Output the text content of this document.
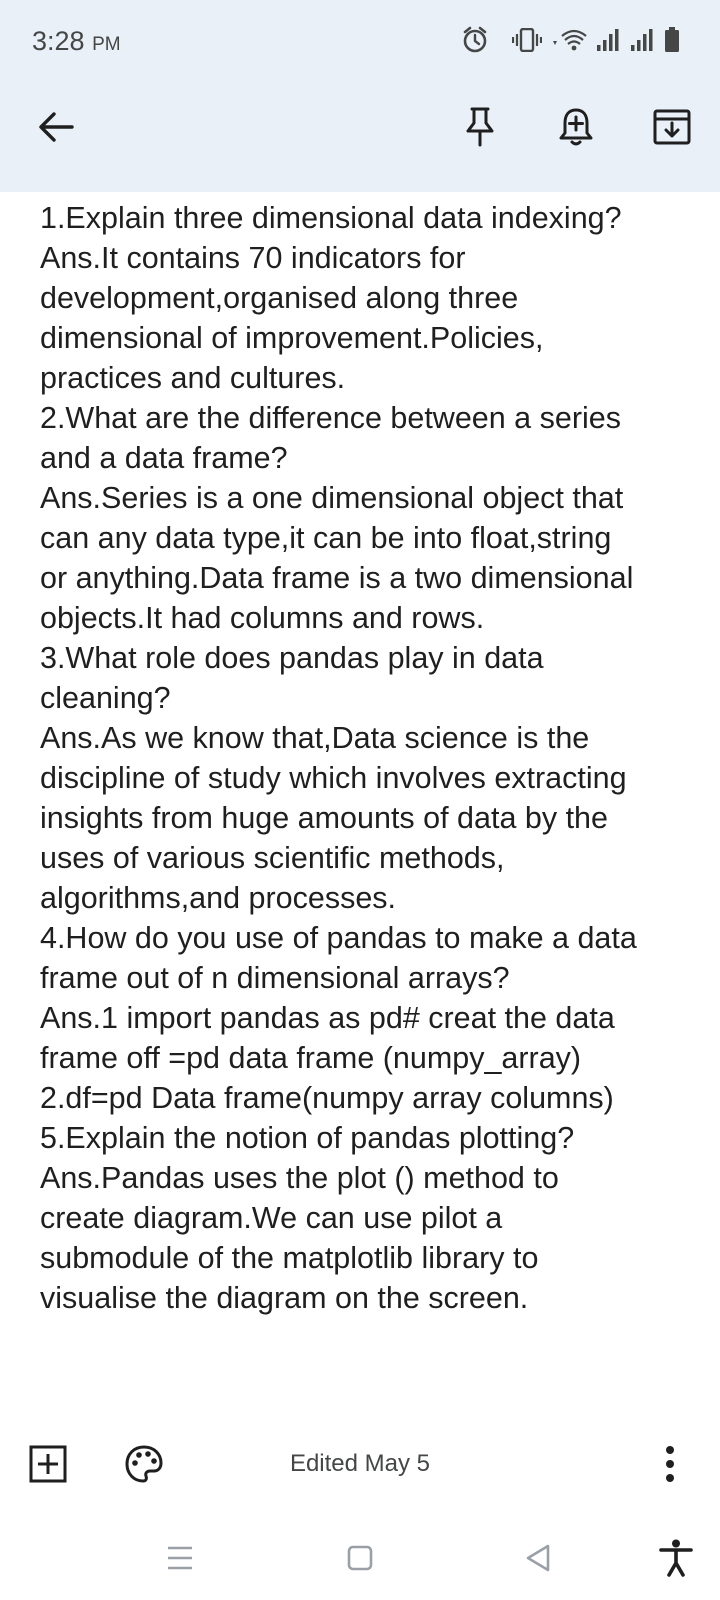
3:28 PM
1.Explain three dimensional data indexing?
Ans.It contains 70 indicators for
development,organised along three
dimensional of improvement.Policies,
practices and cultures.
2.What are the difference between a series
and a data frame?
Ans.Series is a one dimensional object that
can any data type,it can be into float,string
or anything.Data frame is a two dimensional
objects.It had columns and rows.
3.What role does pandas play in data
cleaning?
Ans.As we know that,Data science is the
discipline of study which involves extracting
insights from huge amounts of data by the
uses of various scientific methods,
algorithms,and processes.
4.How do you use of pandas to make a data
frame out of n dimensional arrays?
Ans.1 import pandas as pd# creat the data
frame off =pd data frame (numpy_array)
2.df=pd Data frame(numpy array columns)
5.Explain the notion of pandas plotting?
Ans.Pandas uses the plot () method to
create diagram.We can use pilot a
submodule of the matplotlib library to
visualise the diagram on the screen.
Edited May 5
